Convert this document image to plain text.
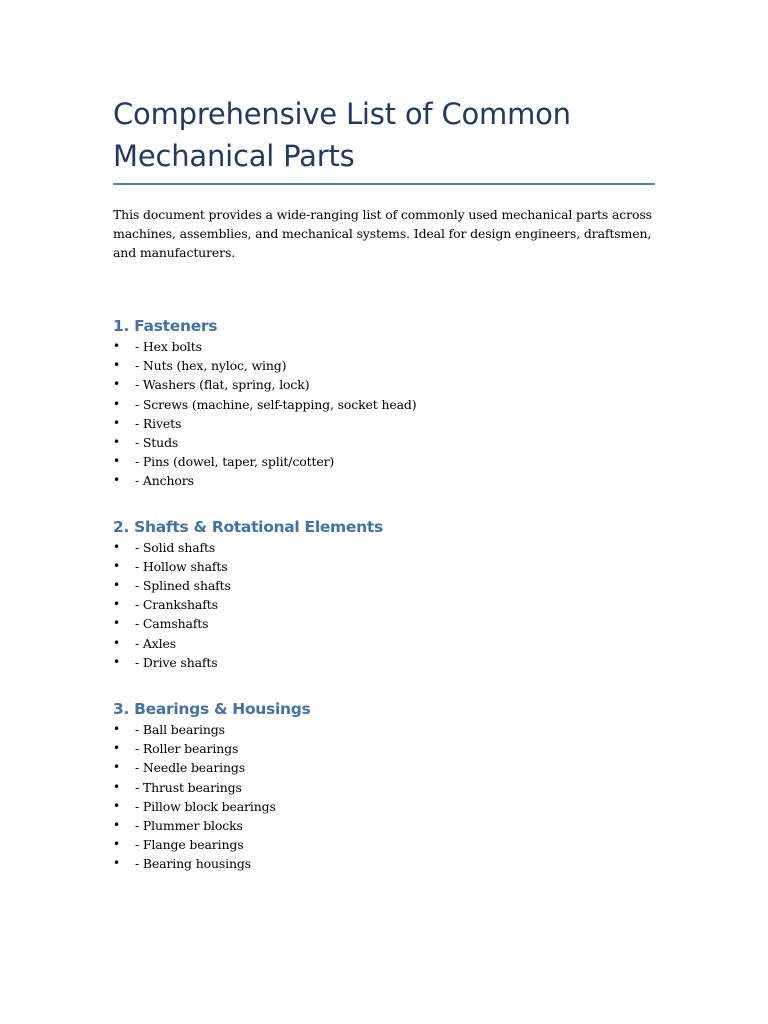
Comprehensive List of Common Mechanical Parts

This document provides a wide-ranging list of commonly used mechanical parts across machines, assemblies, and mechanical systems. Ideal for design engineers, draftsmen, and manufacturers.

1. Fasteners
• - Hex bolts
• - Nuts (hex, nyloc, wing)
• - Washers (flat, spring, lock)
• - Screws (machine, self-tapping, socket head)
• - Rivets
• - Studs
• - Pins (dowel, taper, split/cotter)
• - Anchors
2. Shafts & Rotational Elements
• - Solid shafts
• - Hollow shafts
• - Splined shafts
• - Crankshafts
• - Camshafts
• - Axles
• - Drive shafts
3. Bearings & Housings
• - Ball bearings
• - Roller bearings
• - Needle bearings
• - Thrust bearings
• - Pillow block bearings
• - Plummer blocks
• - Flange bearings
• - Bearing housings
